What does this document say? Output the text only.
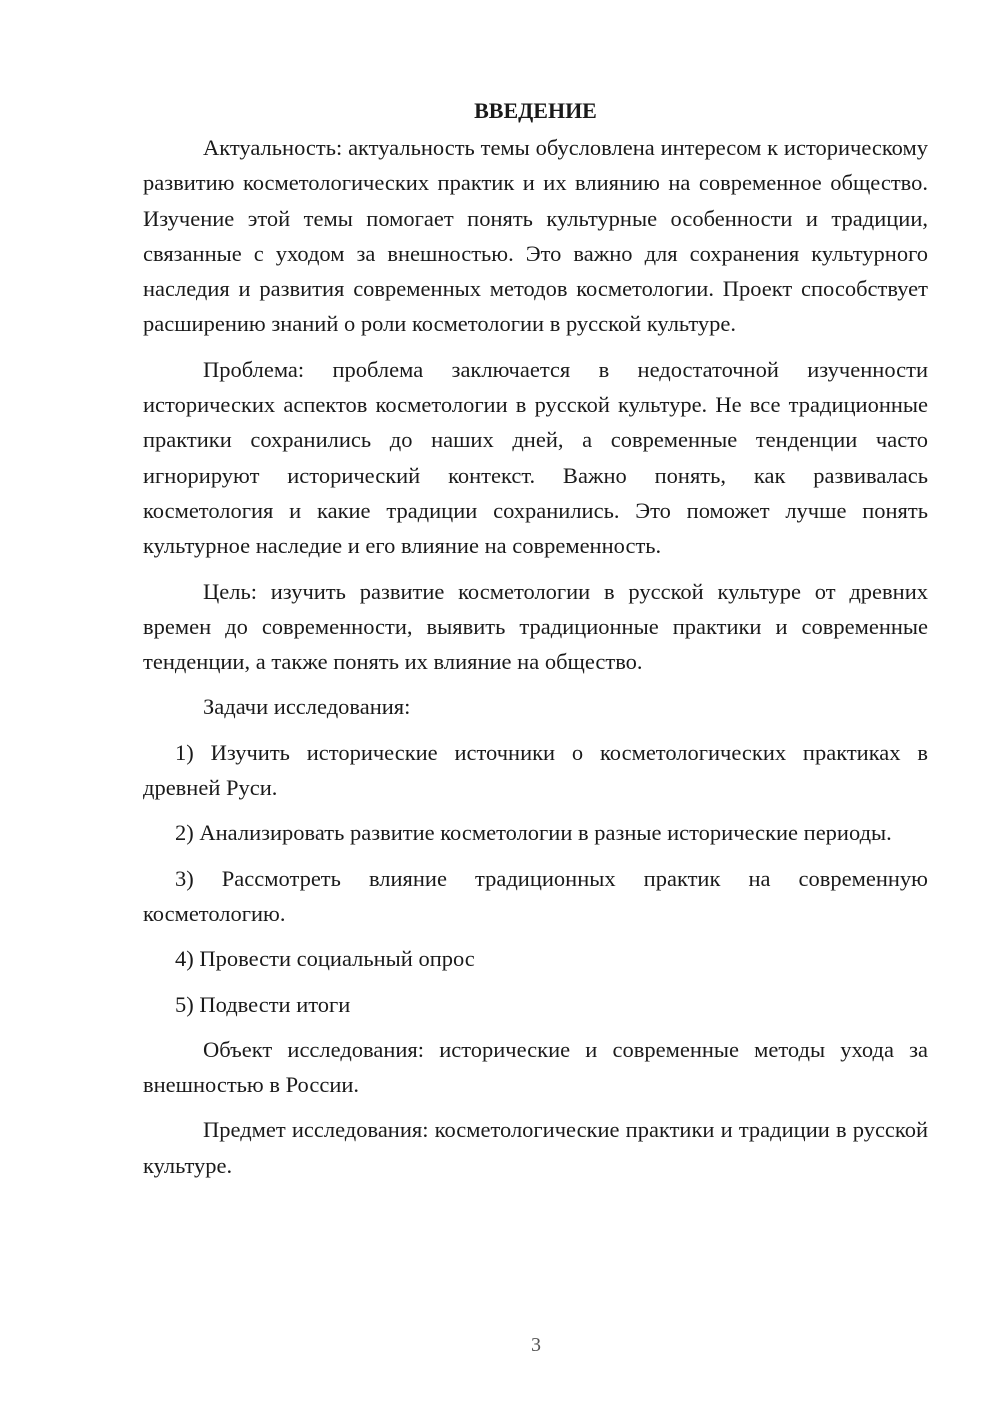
ВВЕДЕНИЕ

Актуальность: актуальность темы обусловлена интересом к историческому развитию косметологических практик и их влиянию на современное общество. Изучение этой темы помогает понять культурные особенности и традиции, связанные с уходом за внешностью. Это важно для сохранения культурного наследия и развития современных методов косметологии. Проект способствует расширению знаний о роли косметологии в русской культуре.

Проблема: проблема заключается в недостаточной изученности исторических аспектов косметологии в русской культуре. Не все традиционные практики сохранились до наших дней, а современные тенденции часто игнорируют исторический контекст. Важно понять, как развивалась косметология и какие традиции сохранились. Это поможет лучше понять культурное наследие и его влияние на современность.

Цель: изучить развитие косметологии в русской культуре от древних времен до современности, выявить традиционные практики и современные тенденции, а также понять их влияние на общество.

Задачи исследования:

1) Изучить исторические источники о косметологических практиках в древней Руси.

2) Анализировать развитие косметологии в разные исторические периоды.

3) Рассмотреть влияние традиционных практик на современную косметологию.

4) Провести социальный опрос

5) Подвести итоги

Объект исследования: исторические и современные методы ухода за внешностью в России.

Предмет исследования: косметологические практики и традиции в русской культуре.

3
